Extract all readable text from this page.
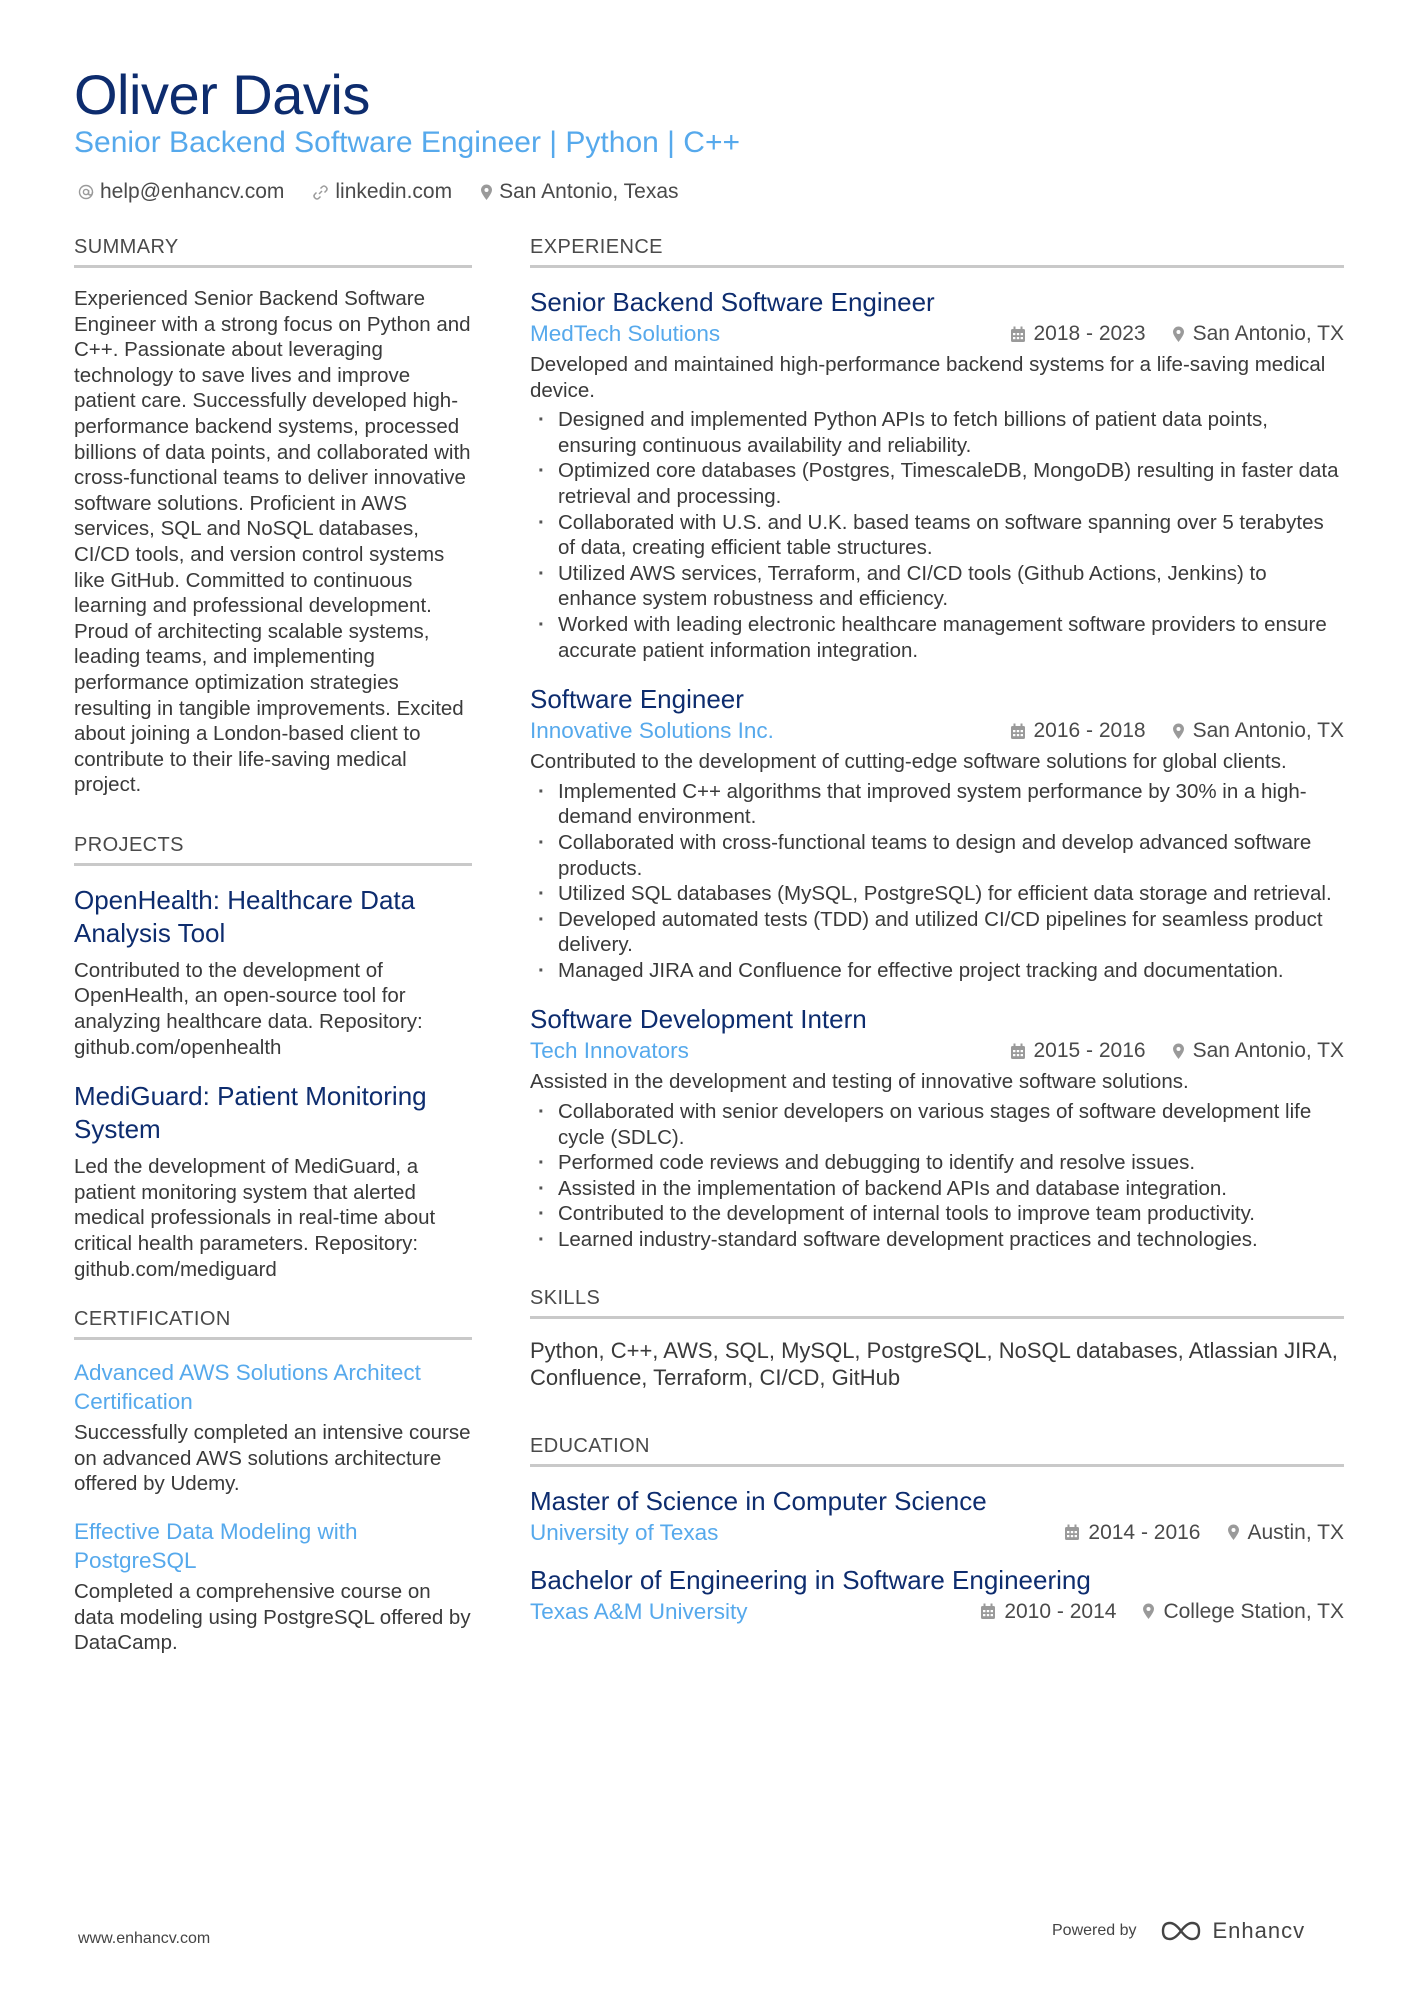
Oliver Davis
Senior Backend Software Engineer | Python | C++
help@enhancv.com linkedin.com San Antonio, Texas
SUMMARY
Experienced Senior Backend Software Engineer with a strong focus on Python and C++. Passionate about leveraging technology to save lives and improve patient care. Successfully developed high-performance backend systems, processed billions of data points, and collaborated with cross-functional teams to deliver innovative software solutions. Proficient in AWS services, SQL and NoSQL databases, CI/CD tools, and version control systems like GitHub. Committed to continuous learning and professional development. Proud of architecting scalable systems, leading teams, and implementing performance optimization strategies resulting in tangible improvements. Excited about joining a London-based client to contribute to their life-saving medical project.
PROJECTS
OpenHealth: Healthcare Data Analysis Tool
Contributed to the development of OpenHealth, an open-source tool for analyzing healthcare data. Repository: github.com/openhealth
MediGuard: Patient Monitoring System
Led the development of MediGuard, a patient monitoring system that alerted medical professionals in real-time about critical health parameters. Repository: github.com/mediguard
CERTIFICATION
Advanced AWS Solutions Architect Certification
Successfully completed an intensive course on advanced AWS solutions architecture offered by Udemy.
Effective Data Modeling with PostgreSQL
Completed a comprehensive course on data modeling using PostgreSQL offered by DataCamp.
EXPERIENCE
Senior Backend Software Engineer
MedTech Solutions	2018 - 2023 San Antonio, TX
Developed and maintained high-performance backend systems for a life-saving medical device.
· Designed and implemented Python APIs to fetch billions of patient data points, ensuring continuous availability and reliability.
· Optimized core databases (Postgres, TimescaleDB, MongoDB) resulting in faster data retrieval and processing.
· Collaborated with U.S. and U.K. based teams on software spanning over 5 terabytes of data, creating efficient table structures.
· Utilized AWS services, Terraform, and CI/CD tools (Github Actions, Jenkins) to enhance system robustness and efficiency.
· Worked with leading electronic healthcare management software providers to ensure accurate patient information integration.
Software Engineer
Innovative Solutions Inc.	2016 - 2018 San Antonio, TX
Contributed to the development of cutting-edge software solutions for global clients.
· Implemented C++ algorithms that improved system performance by 30% in a high-demand environment.
· Collaborated with cross-functional teams to design and develop advanced software products.
· Utilized SQL databases (MySQL, PostgreSQL) for efficient data storage and retrieval.
· Developed automated tests (TDD) and utilized CI/CD pipelines for seamless product delivery.
· Managed JIRA and Confluence for effective project tracking and documentation.
Software Development Intern
Tech Innovators	2015 - 2016 San Antonio, TX
Assisted in the development and testing of innovative software solutions.
· Collaborated with senior developers on various stages of software development life cycle (SDLC).
· Performed code reviews and debugging to identify and resolve issues.
· Assisted in the implementation of backend APIs and database integration.
· Contributed to the development of internal tools to improve team productivity.
· Learned industry-standard software development practices and technologies.
SKILLS
Python, C++, AWS, SQL, MySQL, PostgreSQL, NoSQL databases, Atlassian JIRA, Confluence, Terraform, CI/CD, GitHub
EDUCATION
Master of Science in Computer Science
University of Texas	2014 - 2016 Austin, TX
Bachelor of Engineering in Software Engineering
Texas A&M University	2010 - 2014 College Station, TX
www.enhancv.com	Powered by	Enhancv
